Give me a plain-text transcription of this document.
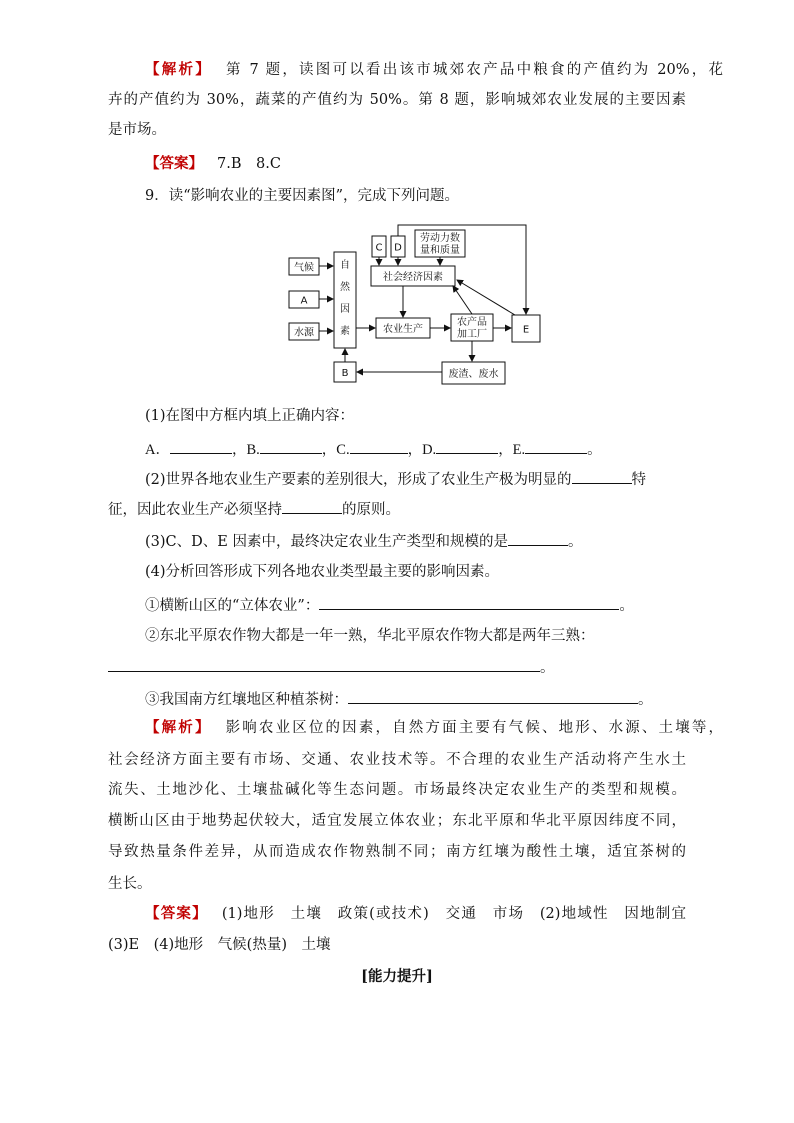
【解析】 第 7 题，读图可以看出该市城郊农产品中粮食的产值约为 20%，花
卉的产值约为 30%，蔬菜的产值约为 50%。第 8 题，影响城郊农业发展的主要因素
是市场。
【答案】 7.B　8.C
9．读“影响农业的主要因素图”，完成下列问题。
气候
A
水源
自
然
因
素
C D
劳动力数
量和质量
社会经济因素
农业生产
农产品
加工厂	E
B	废渣、废水
(1)在图中方框内填上正确内容：
A．	，B.	，C.	，D.	，E.	。
(2)世界各地农业生产要素的差别很大，形成了农业生产极为明显的	特
征，因此农业生产必须坚持	的原则。
(3)C、D、E 因素中，最终决定农业生产类型和规模的是	。
(4)分析回答形成下列各地农业类型最主要的影响因素。
①横断山区的“立体农业”：	。
②东北平原农作物大都是一年一熟，华北平原农作物大都是两年三熟：
。
③我国南方红壤地区种植茶树：	。
【解析】 影响农业区位的因素，自然方面主要有气候、地形、水源、土壤等，
社会经济方面主要有市场、交通、农业技术等。不合理的农业生产活动将产生水土
流失、土地沙化、土壤盐碱化等生态问题。市场最终决定农业生产的类型和规模。
横断山区由于地势起伏较大，适宜发展立体农业；东北平原和华北平原因纬度不同，
导致热量条件差异，从而造成农作物熟制不同；南方红壤为酸性土壤，适宜茶树的
生长。
【答案】 (1)地形　土壤　政策(或技术)　交通　市场　(2)地域性　因地制宜
(3)E　(4)地形　气候(热量)　土壤
[能力提升]
